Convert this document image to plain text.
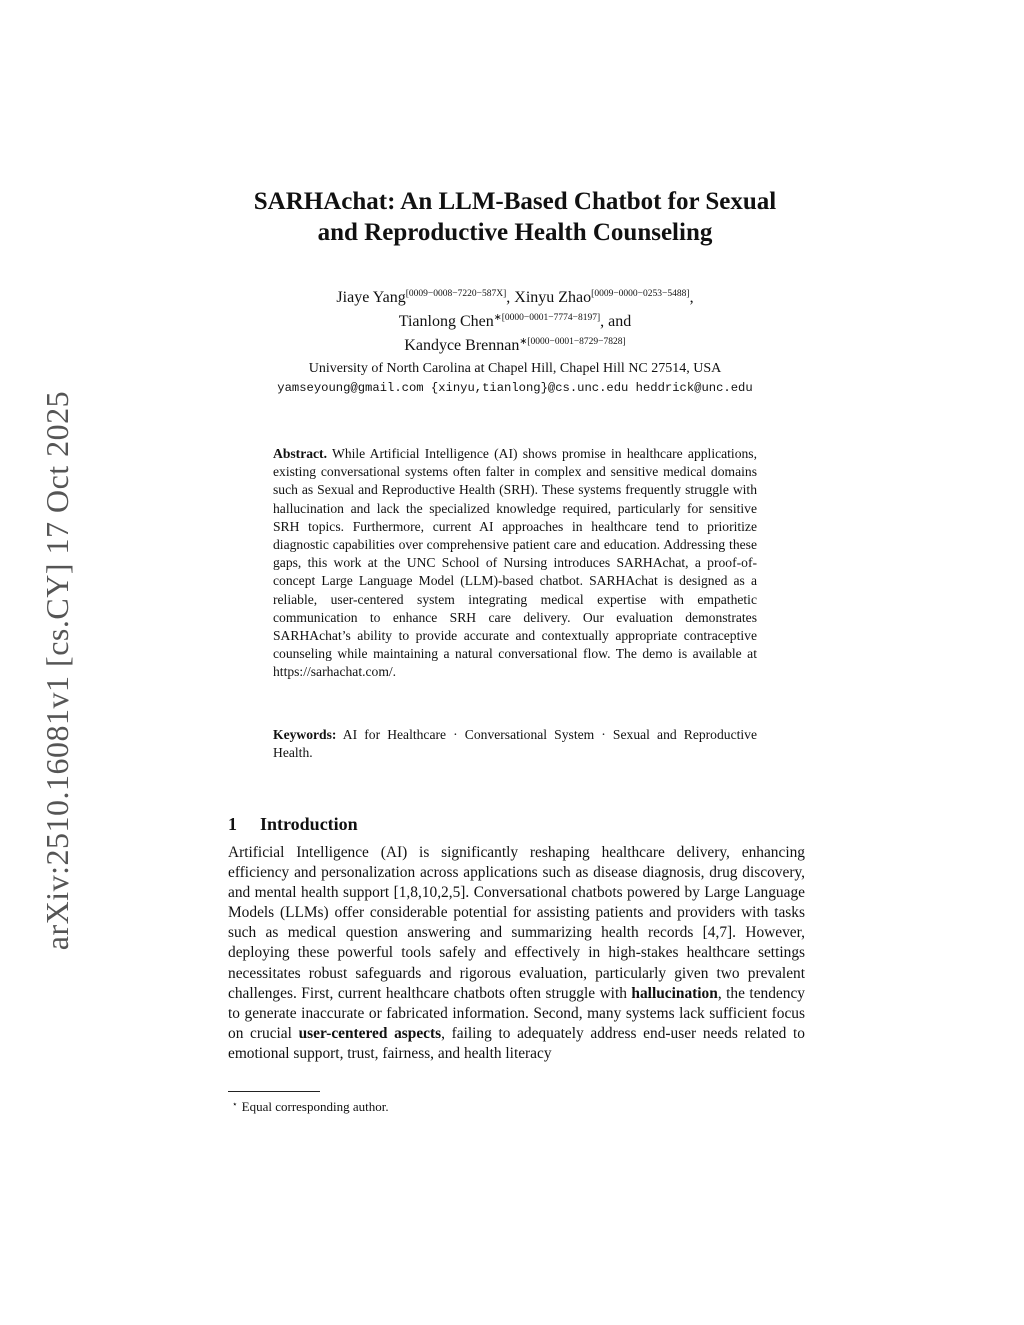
arXiv:2510.16081v1 [cs.CY] 17 Oct 2025
SARHAchat: An LLM-Based Chatbot for Sexual
and Reproductive Health Counseling
Jiaye Yang[0009−0008−7220−587X], Xinyu Zhao[0009−0000−0253−5488],
Tianlong Chen$^{∗[0000-0001-7774-8197]}$, and
Kandyce Brennan$^{∗[0000-0001-8729-7828]}$
University of North Carolina at Chapel Hill, Chapel Hill NC 27514, USA
yamseyoung@gmail.com {xinyu,tianlong}@cs.unc.edu heddrick@unc.edu
Abstract. While Artificial Intelligence (AI) shows promise in healthcare applications, existing conversational systems often falter in complex and sensitive medical domains such as Sexual and Reproductive Health (SRH). These systems frequently struggle with hallucination and lack the specialized knowledge required, particularly for sensitive SRH topics. Furthermore, current AI approaches in healthcare tend to prioritize diagnostic capabilities over comprehensive patient care and education. Addressing these gaps, this work at the UNC School of Nursing introduces SARHAchat, a proof-of-concept Large Language Model (LLM)-based chatbot. SARHAchat is designed as a reliable, user-centered system integrating medical expertise with empathetic communication to enhance SRH care delivery. Our evaluation demonstrates SARHAchat’s ability to provide accurate and contextually appropriate contraceptive counseling while maintaining a natural conversational flow. The demo is available at https://sarhachat.com/.
Keywords: AI for Healthcare · Conversational System · Sexual and Reproductive Health.
1 Introduction
Artificial Intelligence (AI) is significantly reshaping healthcare delivery, enhancing efficiency and personalization across applications such as disease diagnosis, drug discovery, and mental health support [1,8,10,2,5]. Conversational chatbots powered by Large Language Models (LLMs) offer considerable potential for assisting patients and providers with tasks such as medical question answering and summarizing health records [4,7]. However, deploying these powerful tools safely and effectively in high-stakes healthcare settings necessitates robust safeguards and rigorous evaluation, particularly given two prevalent challenges. First, current healthcare chatbots often struggle with hallucination, the tendency to generate inaccurate or fabricated information. Second, many systems lack sufficient focus on crucial user-centered aspects, failing to adequately address end-user needs related to emotional support, trust, fairness, and health literacy
⋆ Equal corresponding author.
